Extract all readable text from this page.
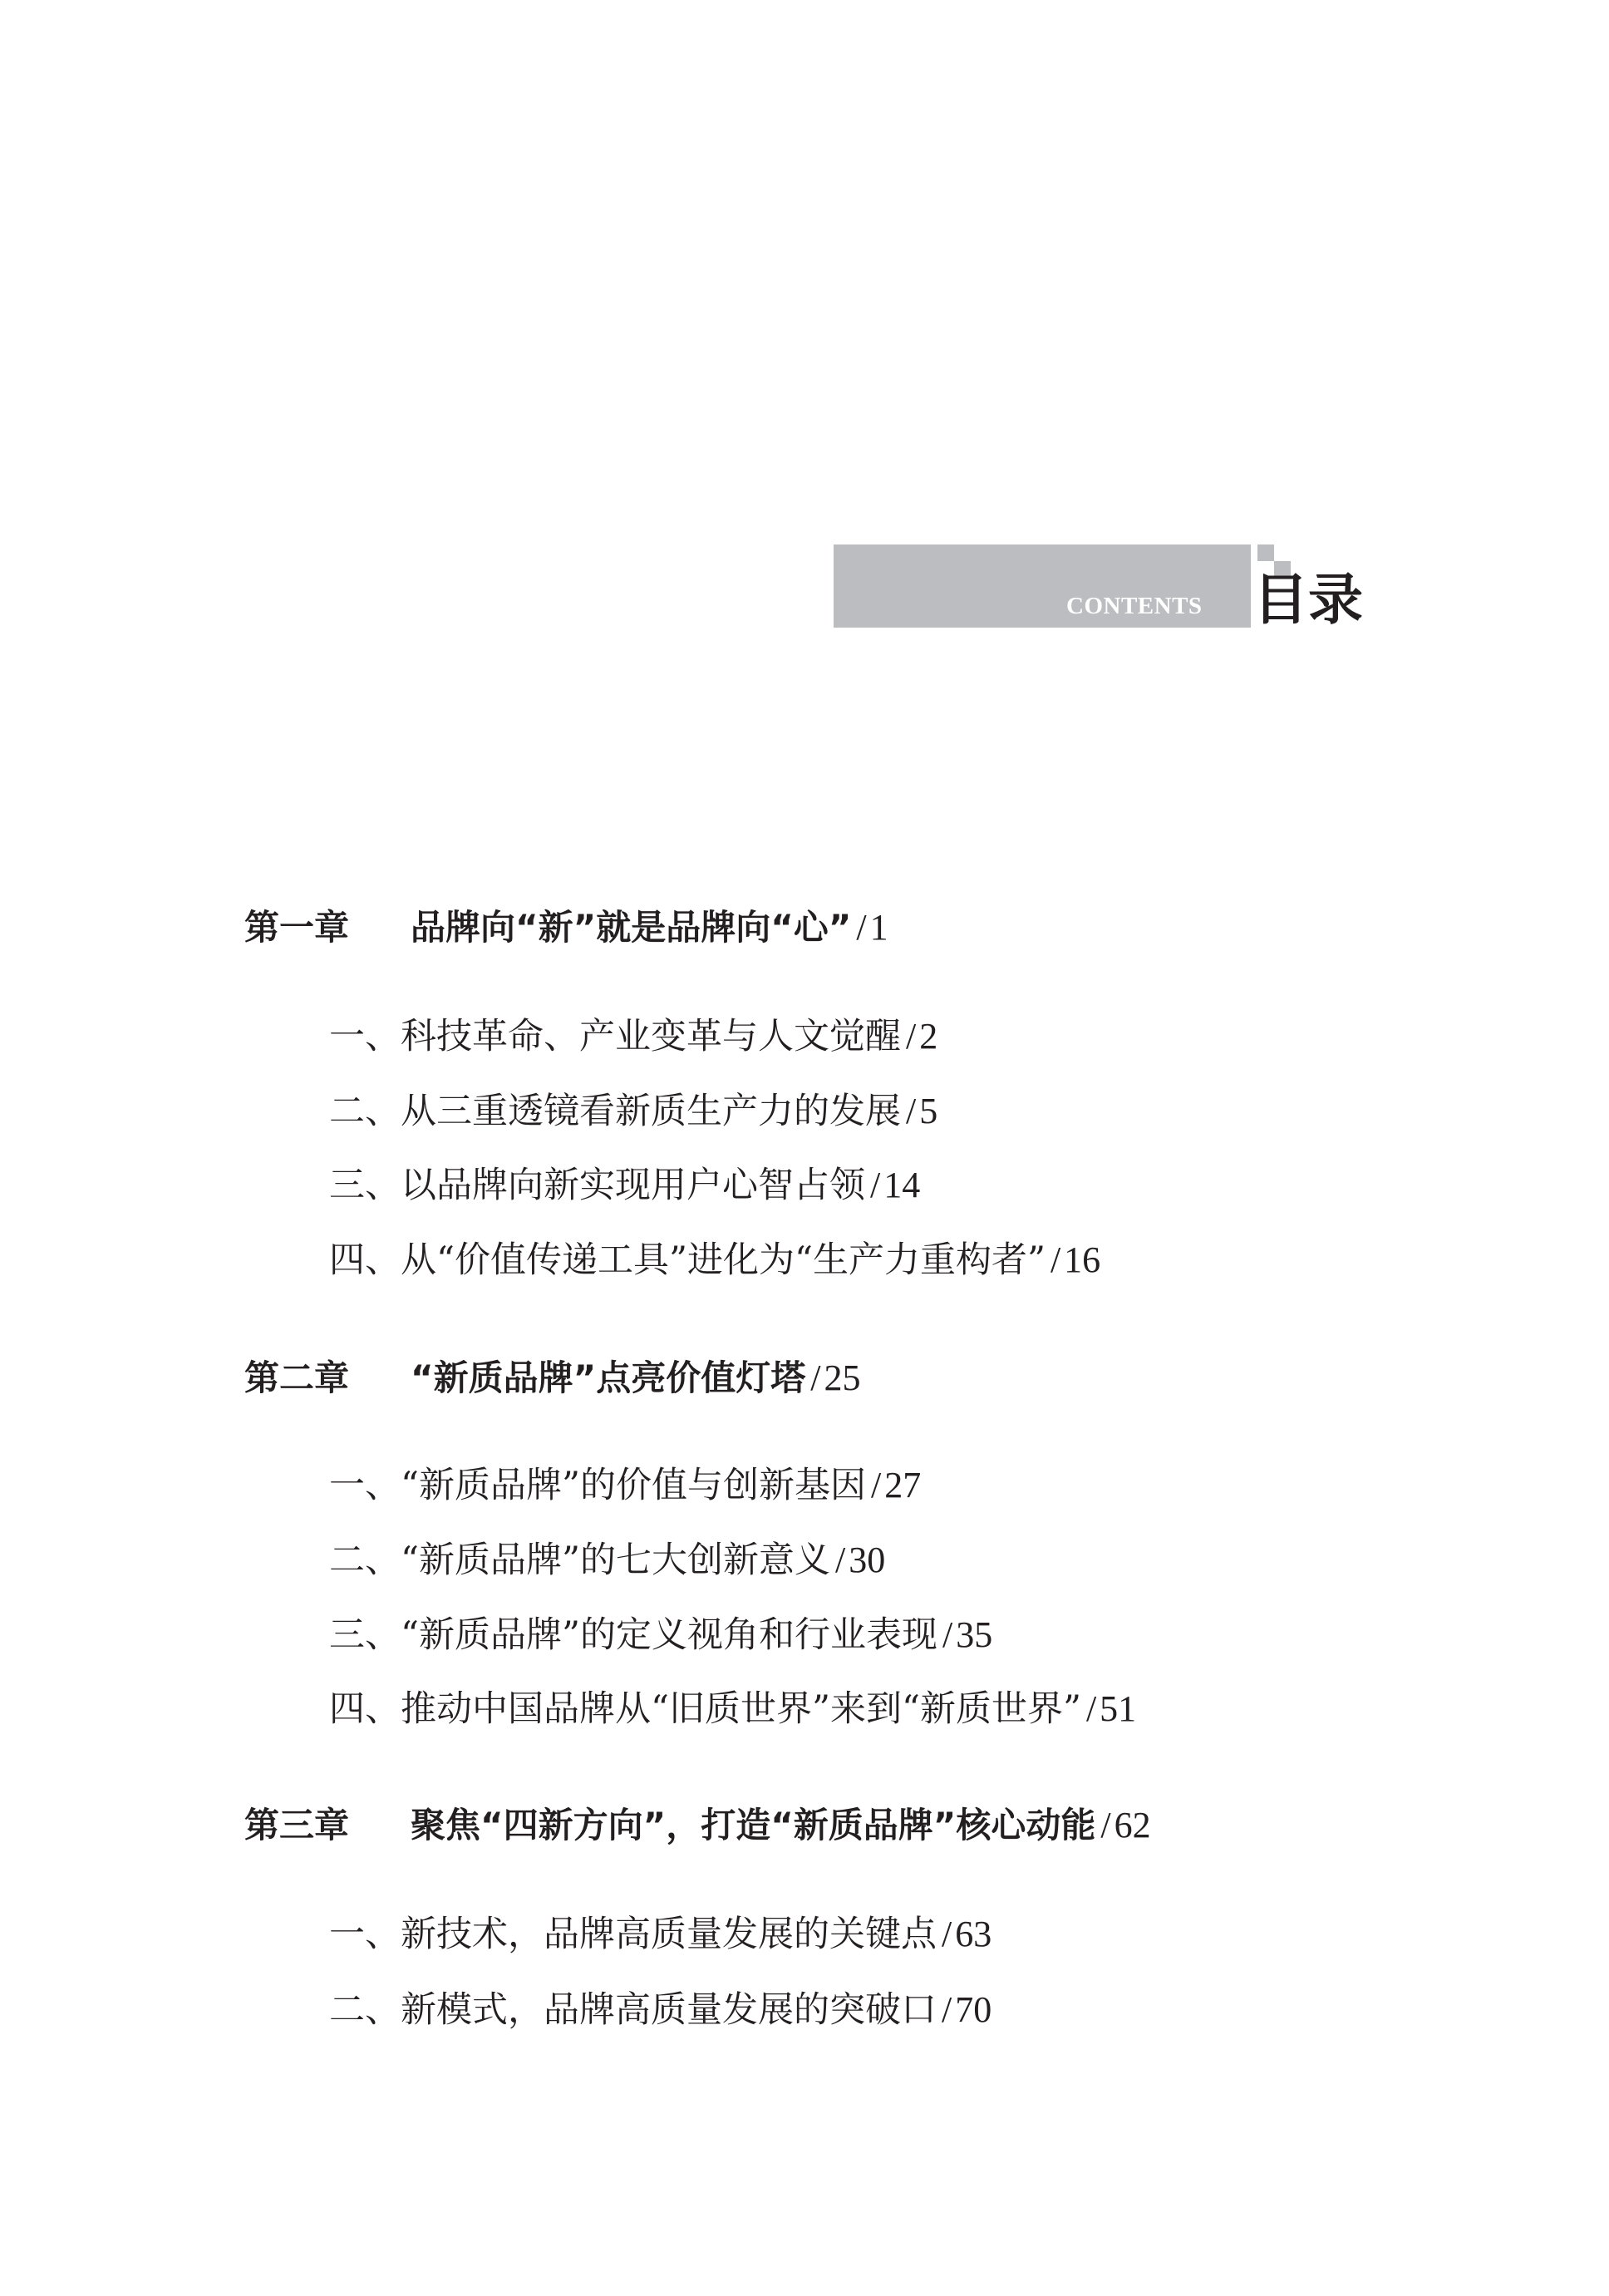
CONTENTS 目录
第一章 品牌向“新”就是品牌向“心” /1
一、科技革命、产业变革与人文觉醒 /2
二、从三重透镜看新质生产力的发展 /5
三、以品牌向新实现用户心智占领 /14
四、从“价值传递工具”进化为“生产力重构者” /16
第二章 “新质品牌”点亮价值灯塔 /25
一、“新质品牌”的价值与创新基因 /27
二、“新质品牌”的七大创新意义 /30
三、“新质品牌”的定义视角和行业表现 /35
四、推动中国品牌从“旧质世界”来到“新质世界” /51
第三章 聚焦“四新方向”，打造“新质品牌”核心动能 /62
一、新技术，品牌高质量发展的关键点 /63
二、新模式，品牌高质量发展的突破口 /70
